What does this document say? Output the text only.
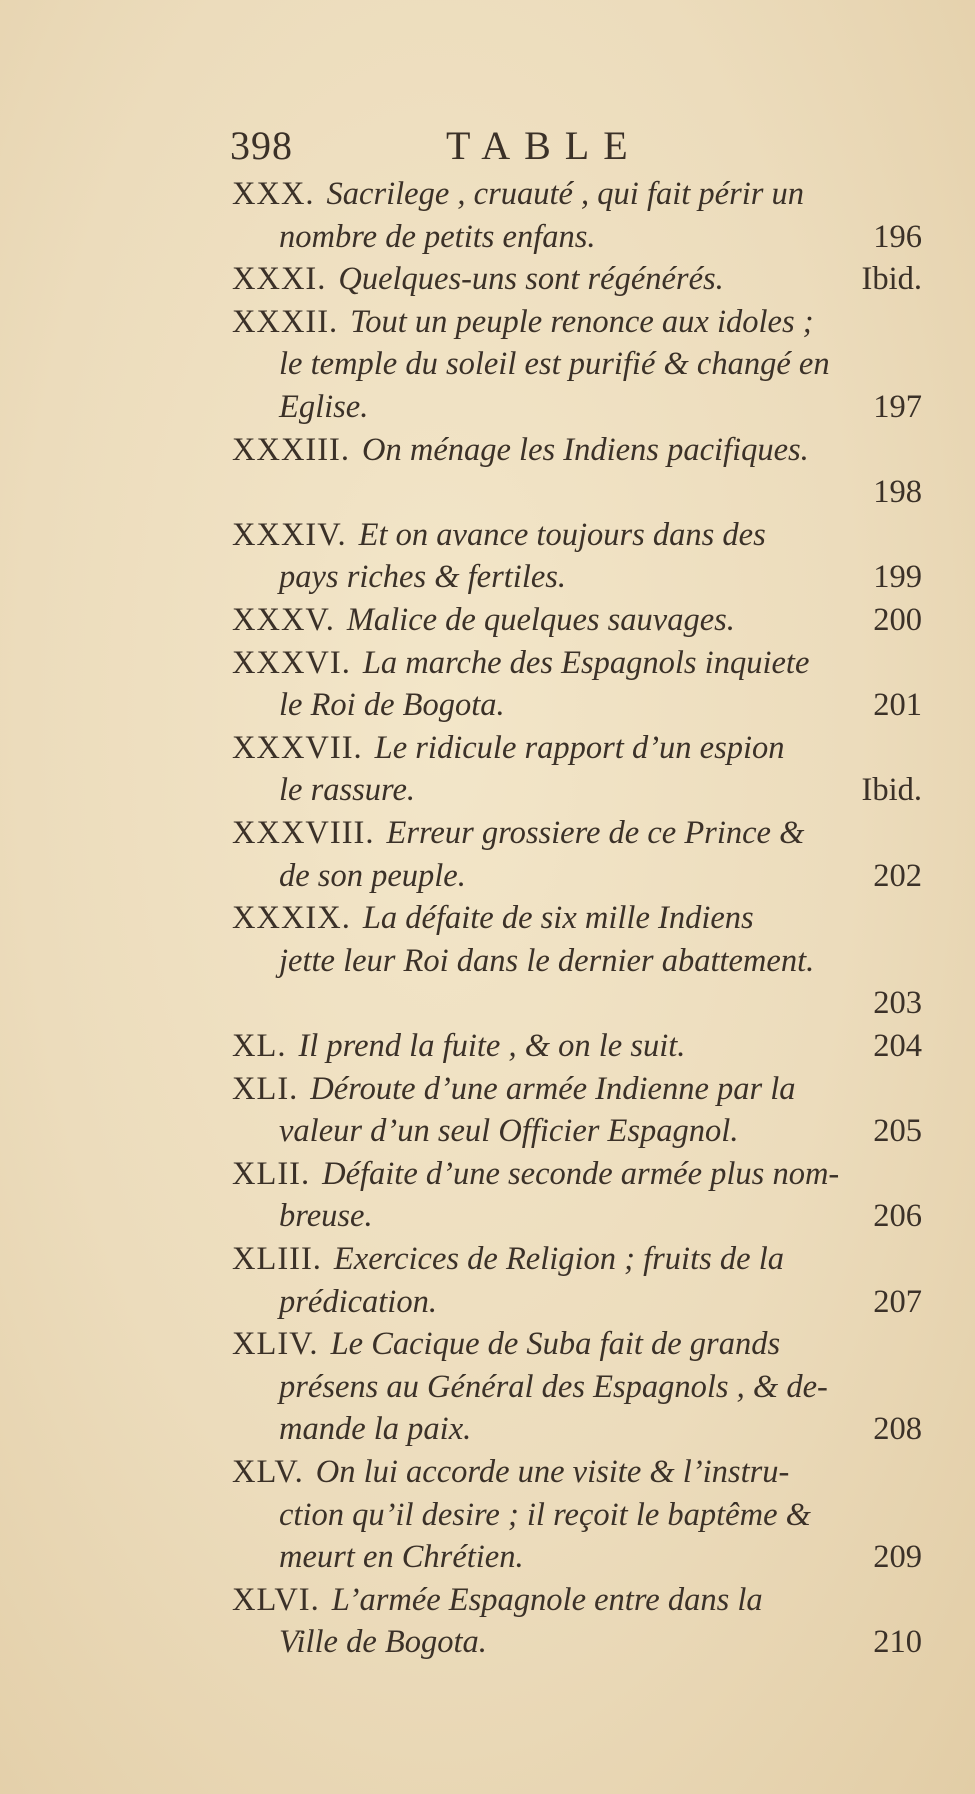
398	TABLE
XXX. Sacrilege , cruauté , qui fait périr un
nombre de petits enfans.	196
XXXI. Quelques-uns sont régénérés.	Ibid.
XXXII. Tout un peuple renonce aux idoles ;
le temple du soleil est purifié & changé en
Eglise.	197
XXXIII. On ménage les Indiens pacifiques.
198
XXXIV. Et on avance toujours dans des
pays riches & fertiles.	199
XXXV. Malice de quelques sauvages.	200
XXXVI. La marche des Espagnols inquiete
le Roi de Bogota.	201
XXXVII. Le ridicule rapport d’un espion
le rassure.	Ibid.
XXXVIII. Erreur grossiere de ce Prince &
de son peuple.	202
XXXIX. La défaite de six mille Indiens
jette leur Roi dans le dernier abattement.
203
XL. Il prend la fuite , & on le suit.	204
XLI. Déroute d’une armée Indienne par la
valeur d’un seul Officier Espagnol.	205
XLII. Défaite d’une seconde armée plus nom-
breuse.	206
XLIII. Exercices de Religion ; fruits de la
prédication.	207
XLIV. Le Cacique de Suba fait de grands
présens au Général des Espagnols , & de-
mande la paix.	208
XLV. On lui accorde une visite & l’instru-
ction qu’il desire ; il reçoit le baptême &
meurt en Chrétien.	209
XLVI. L’armée Espagnole entre dans la
Ville de Bogota.	210
